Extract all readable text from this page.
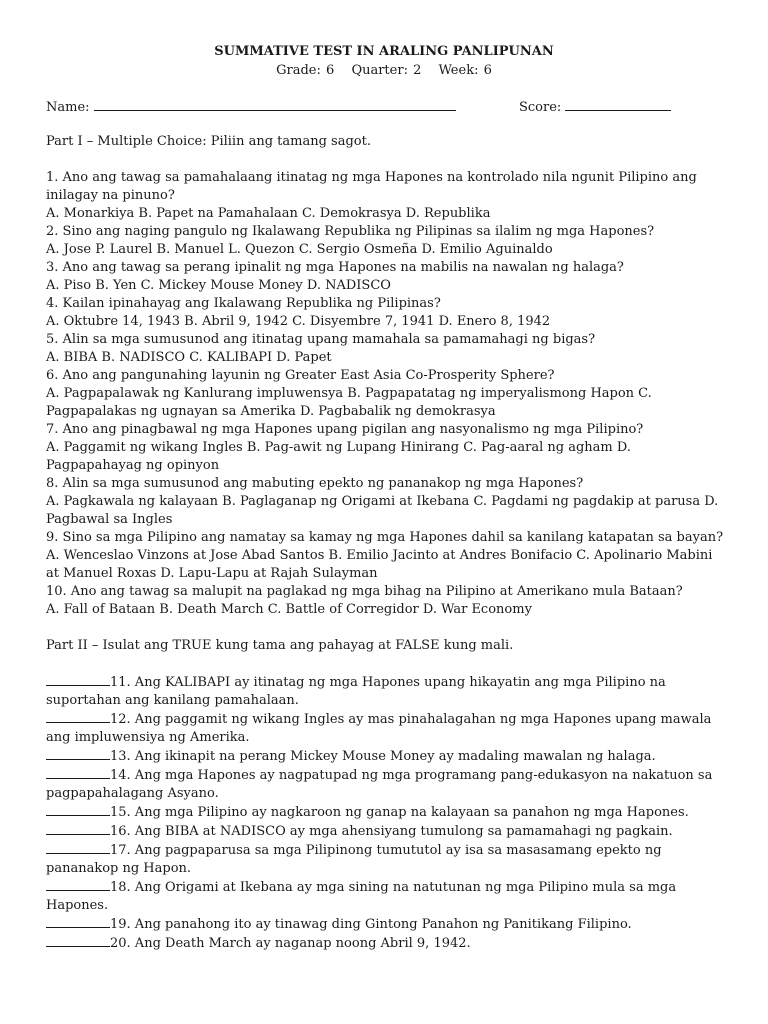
SUMMATIVE TEST IN ARALING PANLIPUNAN
Grade: 6 Quarter: 2 Week: 6
Name:	Score:

Part I – Multiple Choice: Piliin ang tamang sagot.

1. Ano ang tawag sa pamahalaang itinatag ng mga Hapones na kontrolado nila ngunit Pilipino ang inilagay na pinuno?

A. Monarkiya B. Papet na Pamahalaan C. Demokrasya D. Republika

2. Sino ang naging pangulo ng Ikalawang Republika ng Pilipinas sa ilalim ng mga Hapones?

A. Jose P. Laurel B. Manuel L. Quezon C. Sergio Osmeña D. Emilio Aguinaldo

3. Ano ang tawag sa perang ipinalit ng mga Hapones na mabilis na nawalan ng halaga?

A. Piso B. Yen C. Mickey Mouse Money D. NADISCO

4. Kailan ipinahayag ang Ikalawang Republika ng Pilipinas?

A. Oktubre 14, 1943 B. Abril 9, 1942 C. Disyembre 7, 1941 D. Enero 8, 1942

5. Alin sa mga sumusunod ang itinatag upang mamahala sa pamamahagi ng bigas?

A. BIBA B. NADISCO C. KALIBAPI D. Papet

6. Ano ang pangunahing layunin ng Greater East Asia Co-Prosperity Sphere?

A. Pagpapalawak ng Kanlurang impluwensya B. Pagpapatatag ng imperyalismong Hapon C. Pagpapalakas ng ugnayan sa Amerika D. Pagbabalik ng demokrasya

7. Ano ang pinagbawal ng mga Hapones upang pigilan ang nasyonalismo ng mga Pilipino?

A. Paggamit ng wikang Ingles B. Pag-awit ng Lupang Hinirang C. Pag-aaral ng agham D. Pagpapahayag ng opinyon

8. Alin sa mga sumusunod ang mabuting epekto ng pananakop ng mga Hapones?

A. Pagkawala ng kalayaan B. Paglaganap ng Origami at Ikebana C. Pagdami ng pagdakip at parusa D. Pagbawal sa Ingles

9. Sino sa mga Pilipino ang namatay sa kamay ng mga Hapones dahil sa kanilang katapatan sa bayan?

A. Wenceslao Vinzons at Jose Abad Santos B. Emilio Jacinto at Andres Bonifacio C. Apolinario Mabini at Manuel Roxas D. Lapu-Lapu at Rajah Sulayman

10. Ano ang tawag sa malupit na paglakad ng mga bihag na Pilipino at Amerikano mula Bataan?

A. Fall of Bataan B. Death March C. Battle of Corregidor D. War Economy

Part II – Isulat ang TRUE kung tama ang pahayag at FALSE kung mali.

11. Ang KALIBAPI ay itinatag ng mga Hapones upang hikayatin ang mga Pilipino na suportahan ang kanilang pamahalaan.

12. Ang paggamit ng wikang Ingles ay mas pinahalagahan ng mga Hapones upang mawala ang impluwensiya ng Amerika.

13. Ang ikinapit na perang Mickey Mouse Money ay madaling mawalan ng halaga.

14. Ang mga Hapones ay nagpatupad ng mga programang pang-edukasyon na nakatuon sa pagpapahalagang Asyano.

15. Ang mga Pilipino ay nagkaroon ng ganap na kalayaan sa panahon ng mga Hapones.

16. Ang BIBA at NADISCO ay mga ahensiyang tumulong sa pamamahagi ng pagkain.

17. Ang pagpaparusa sa mga Pilipinong tumututol ay isa sa masasamang epekto ng pananakop ng Hapon.

18. Ang Origami at Ikebana ay mga sining na natutunan ng mga Pilipino mula sa mga Hapones.

19. Ang panahong ito ay tinawag ding Gintong Panahon ng Panitikang Filipino.

20. Ang Death March ay naganap noong Abril 9, 1942.
